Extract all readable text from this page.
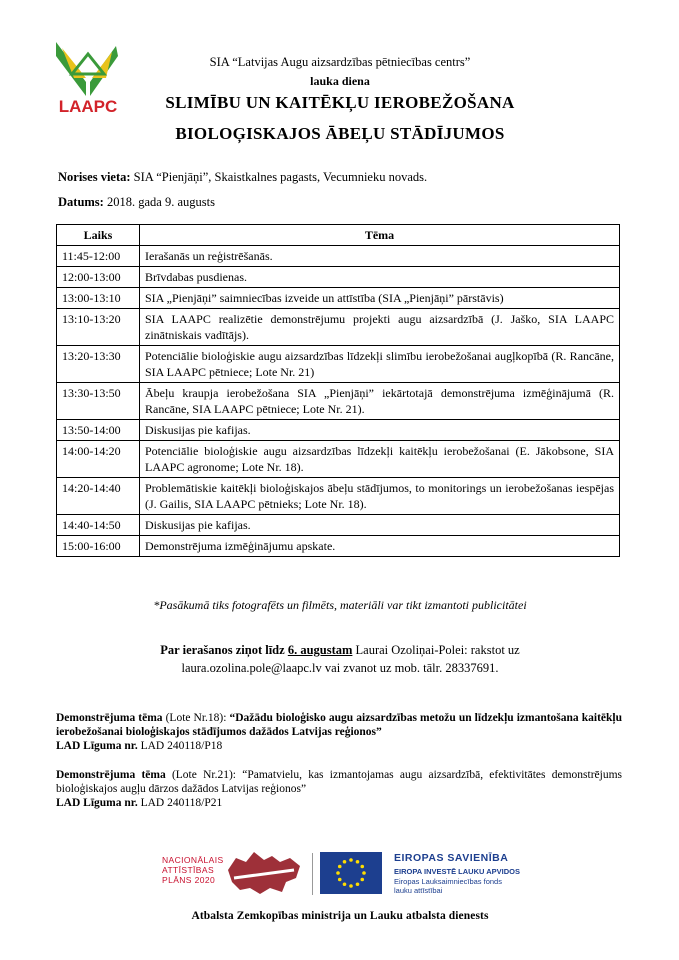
LAAPC
SIA “Latvijas Augu aizsardzības pētniecības centrs”
lauka diena
SLIMĪBU UN KAITĒKĻU IEROBEŽOŠANA
BIOLOĢISKAJOS ĀBEĻU STĀDĪJUMOS
Norises vieta: SIA “Pienjāņi”, Skaistkalnes pagasts, Vecumnieku novads.
Datums: 2018. gada 9. augusts
Laiks	Tēma
11:45-12:00	Ierašanās un reģistrēšanās.
12:00-13:00	Brīvdabas pusdienas.
13:00-13:10	SIA „Pienjāņi” saimniecības izveide un attīstība (SIA „Pienjāņi” pārstāvis)
13:10-13:20	SIA LAAPC realizētie demonstrējumu projekti augu aizsardzībā (J. Jaško, SIA LAAPC zinātniskais vadītājs).
13:20-13:30	Potenciālie bioloģiskie augu aizsardzības līdzekļi slimību ierobežošanai augļkopībā (R. Rancāne, SIA LAAPC pētniece; Lote Nr. 21)
13:30-13:50	Ābeļu kraupja ierobežošana SIA „Pienjāņi” iekārtotajā demonstrējuma izmēģinājumā (R. Rancāne, SIA LAAPC pētniece; Lote Nr. 21).
13:50-14:00	Diskusijas pie kafijas.
14:00-14:20	Potenciālie bioloģiskie augu aizsardzības līdzekļi kaitēkļu ierobežošanai (E. Jākobsone, SIA LAAPC agronome; Lote Nr. 18).
14:20-14:40	Problemātiskie kaitēkļi bioloģiskajos ābeļu stādījumos, to monitorings un ierobežošanas iespējas (J. Gailis, SIA LAAPC pētnieks; Lote Nr. 18).
14:40-14:50	Diskusijas pie kafijas.
15:00-16:00	Demonstrējuma izmēģinājumu apskate.
*Pasākumā tiks fotografēts un filmēts, materiāli var tikt izmantoti publicitātei
Par ierašanos ziņot līdz 6. augustam Laurai Ozoliņai-Polei: rakstot uz
laura.ozolina.pole@laapc.lv vai zvanot uz mob. tālr. 28337691.
Demonstrējuma tēma (Lote Nr.18): “Dažādu bioloģisko augu aizsardzības metožu un līdzekļu izmantošana kaitēkļu ierobežošanai bioloģiskajos stādījumos dažādos Latvijas reģionos”
LAD Līguma nr. LAD 240118/P18
Demonstrējuma tēma (Lote Nr.21): “Pamatvielu, kas izmantojamas augu aizsardzībā, efektivitātes demonstrējums bioloģiskajos augļu dārzos dažādos Latvijas reģionos”
LAD Līguma nr. LAD 240118/P21
NACIONĀLAIS
ATTĪSTĪBAS
PLĀNS 2020
EIROPAS SAVIENĪBA
EIROPA INVESTĒ LAUKU APVIDOS
Eiropas Lauksaimniecības fonds
lauku attīstībai
Atbalsta Zemkopības ministrija un Lauku atbalsta dienests
